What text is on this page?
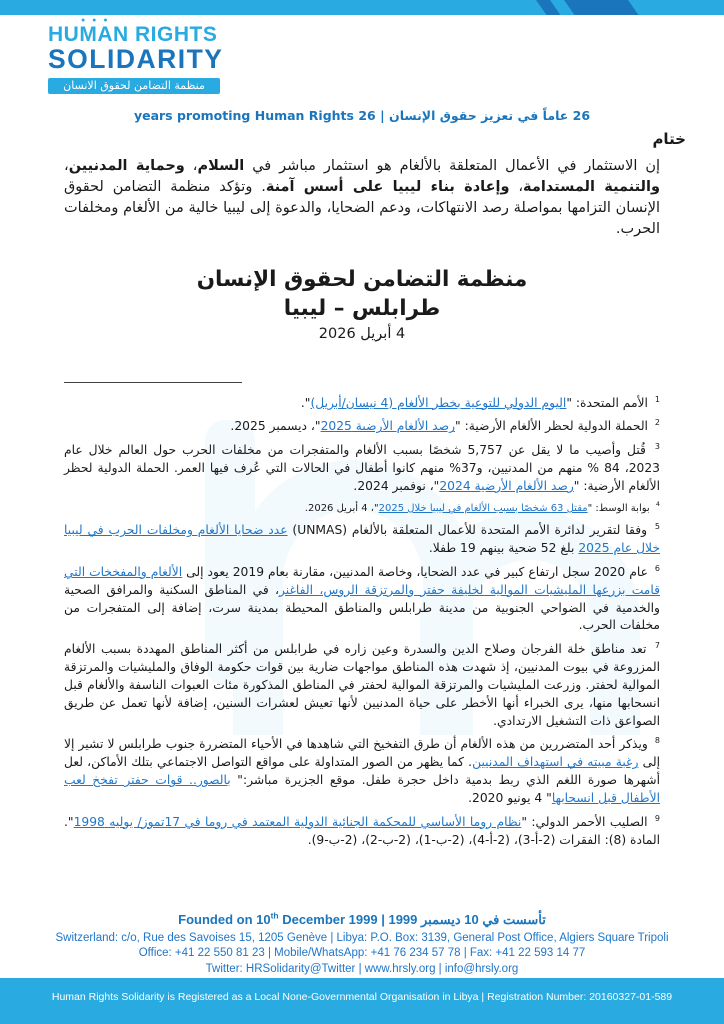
● ● ●
HUMAN RIGHTS
SOLIDARITY
منظمة التضامن لحقوق الانسان

26 عاماً في تعزيز حقوق الإنسان | 26 years promoting Human Rights

ختام

إن الاستثمار في الأعمال المتعلقة بالألغام هو استثمار مباشر في السلام، وحماية المدنيين، والتنمية المستدامة، وإعادة بناء ليبيا على أسس آمنة. وتؤكد منظمة التضامن لحقوق الإنسان التزامها بمواصلة رصد الانتهاكات، ودعم الضحايا، والدعوة إلى ليبيا خالية من الألغام ومخلفات الحرب.

منظمة التضامن لحقوق الإنسان

طرابلس – ليبيا

4 أبريل 2026

$^1$ الأمم المتحدة: "اليوم الدولي للتوعية بخطر الألغام (4 نيسان/أبريل)".

$^2$ الحملة الدولية لحظر الألغام الأرضية: "رصد الألغام الأرضية 2025"، ديسمبر 2025.

$^3$ قُتل وأصيب ما لا يقل عن 5,757 شخصًا بسبب الألغام والمتفجرات من مخلفات الحرب حول العالم خلال عام 2023، 84 % منهم من المدنيين، و37% منهم كانوا أطفال في الحالات التي عُرف فيها العمر. الحملة الدولية لحظر الألغام الأرضية: "رصد الألغام الأرضية 2024"، نوفمبر 2024.

$^4$ بوابة الوسط: "مقتل 63 شخصًا بسبب الألغام في ليبيا خلال 2025"، 4 أبريل 2026.

$^5$ وفقا لتقرير لدائرة الأمم المتحدة للأعمال المتعلقة بالألغام (UNMAS) عدد ضحايا الألغام ومخلفات الحرب في ليبيا خلال عام 2025 بلغ 52 ضحية بينهم 19 طفلا.

$^6$ عام 2020 سجل ارتفاع كبير في عدد الضحايا، وخاصة المدنيين، مقارنة بعام 2019 يعود إلى الألغام والمفخخات التي قامت بزرعها المليشيات الموالية لخليفة حفتر والمرتزقة الروس، الفاغنر، في المناطق السكنية والمرافق الصحية والخدمية في الضواحي الجنوبية من مدينة طرابلس والمناطق المحيطة بمدينة سرت، إضافة إلى المتفجرات من مخلفات الحرب.

$^7$ تعد مناطق خلة الفرجان وصلاح الدين والسدرة وعين زاره في طرابلس من أكثر المناطق المهددة بسبب الألغام المزروعة في بيوت المدنيين، إذ شهدت هذه المناطق مواجهات ضارية بين قوات حكومة الوفاق والمليشيات والمرتزقة الموالية لحفتر. وزرعت المليشيات والمرتزقة الموالية لحفتر في المناطق المذكورة مئات العبوات الناسفة والألغام قبل انسحابها منها، يرى الخبراء أنها الأخطر على حياة المدنيين لأنها تعيش لعشرات السنين، إضافة لأنها تعمل عن طريق الصواعق ذات التشغيل الارتدادي.

$^8$ ويذكر أحد المتضررين من هذه الألغام أن طرق التفخيخ التي شاهدها في الأحياء المتضررة جنوب طرابلس لا تشير إلا إلى رغبة مبيته في استهداف المدنيين. كما يظهر من الصور المتداولة على مواقع التواصل الاجتماعي بتلك الأماكن، لعل أشهرها صورة اللغم الذي ربط بدمية داخل حجرة طفل. موقع الجزيرة مباشر:" بالصور.. قوات حفتر تفخخ لعب الأطفال قبل انسحابها" 4 يونيو 2020.

$^9$ الصليب الأحمر الدولي: "نظام روما الأساسي للمحكمة الجنائية الدولية المعتمد في روما في 17تموز/ يوليه 1998". المادة (8): الفقرات (2-أ-3)، (2-أ-4)، (2-ب-1)، (2-ب-2)، (2-ب-9).

Founded on 10th December 1999 | تأسست في 10 ديسمبر 1999

Switzerland: c/o, Rue des Savoises 15, 1205 Genève | Libya: P.O. Box: 3139, General Post Office, Algiers Square Tripoli

Office: +41 22 550 81 23 | Mobile/WhatsApp: +41 76 234 57 78 | Fax: +41 22 593 14 77

Twitter: HRSolidarity@Twitter | www.hrsly.org | info@hrsly.org

Human Rights Solidarity is Registered as a Local None-Governmental Organisation in Libya | Registration Number: 20160327-01-589
